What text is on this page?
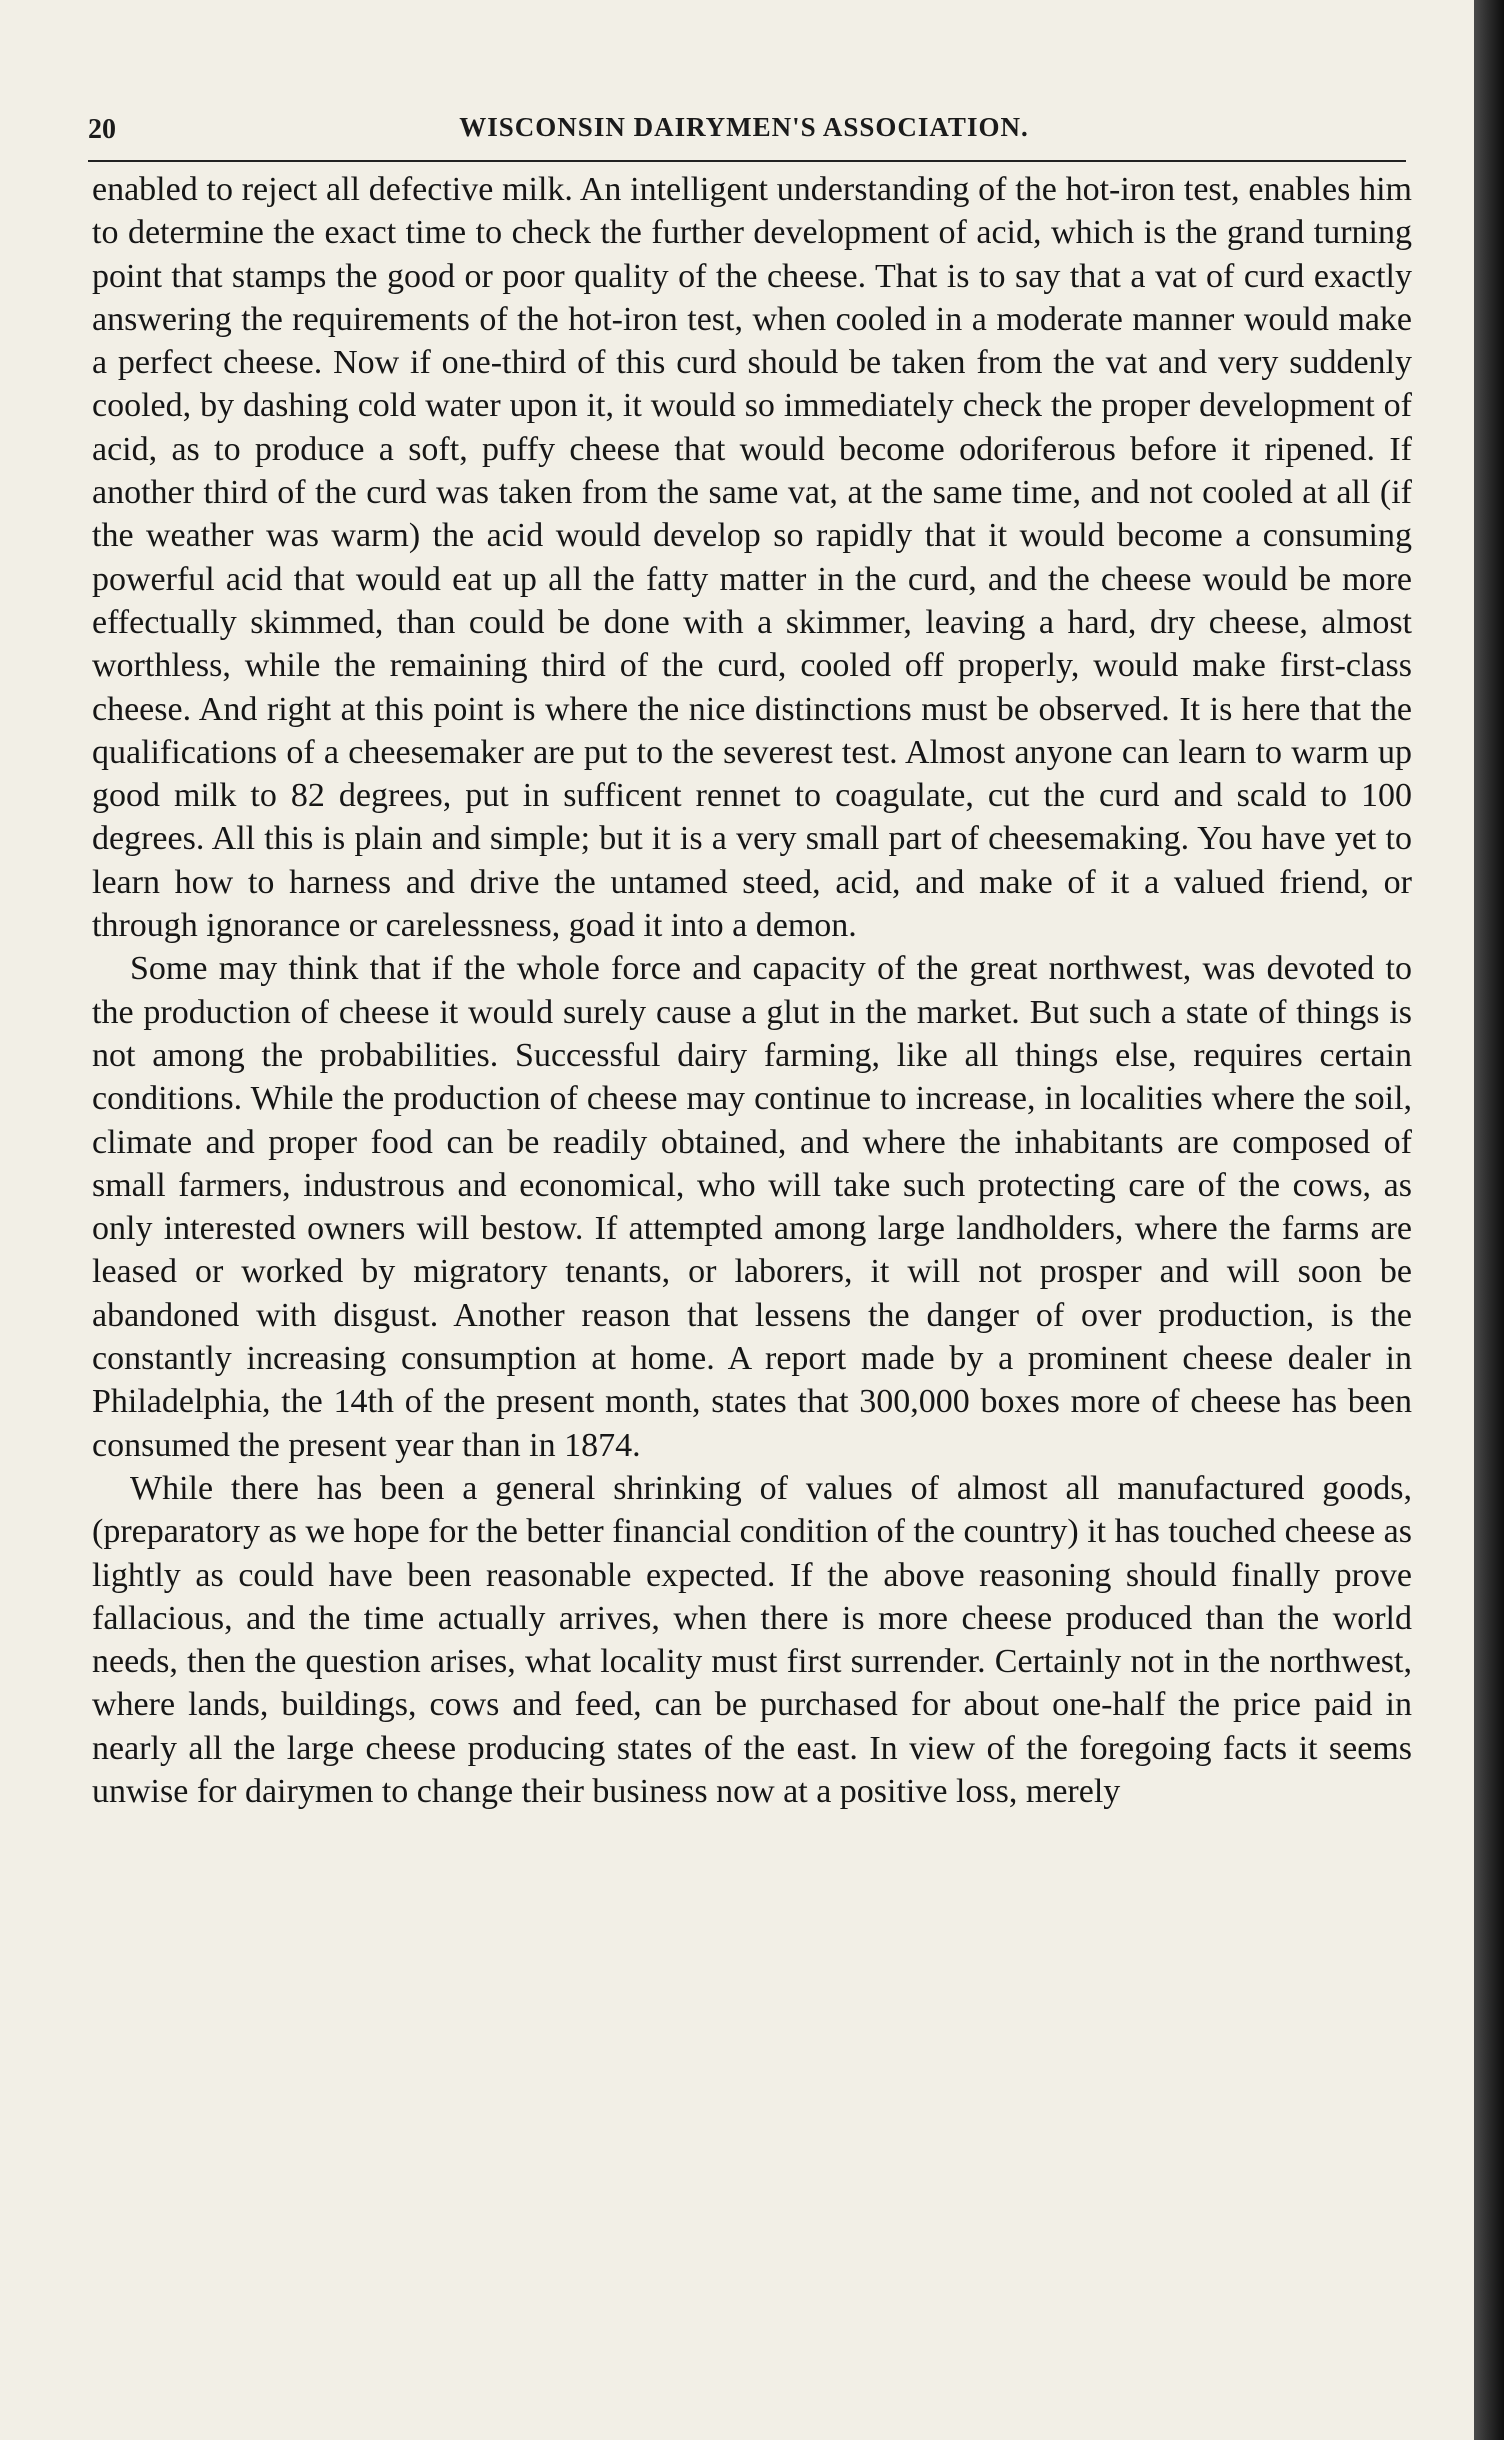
20	WISCONSIN DAIRYMEN'S ASSOCIATION.

enabled to reject all defective milk. An intelligent understanding of the hot-iron test, enables him to determine the exact time to check the further development of acid, which is the grand turning point that stamps the good or poor quality of the cheese. That is to say that a vat of curd exactly answering the requirements of the hot-iron test, when cooled in a moderate manner would make a perfect cheese. Now if one-third of this curd should be taken from the vat and very suddenly cooled, by dashing cold water upon it, it would so immediately check the proper development of acid, as to produce a soft, puffy cheese that would become odoriferous before it ripened. If another third of the curd was taken from the same vat, at the same time, and not cooled at all (if the weather was warm) the acid would develop so rapidly that it would become a consuming powerful acid that would eat up all the fatty matter in the curd, and the cheese would be more effectually skimmed, than could be done with a skimmer, leaving a hard, dry cheese, almost worthless, while the remaining third of the curd, cooled off properly, would make first-class cheese. And right at this point is where the nice distinctions must be observed. It is here that the qualifications of a cheesemaker are put to the severest test. Almost anyone can learn to warm up good milk to 82 degrees, put in sufficent rennet to coagulate, cut the curd and scald to 100 degrees. All this is plain and simple; but it is a very small part of cheesemaking. You have yet to learn how to harness and drive the untamed steed, acid, and make of it a valued friend, or through ignorance or carelessness, goad it into a demon.

Some may think that if the whole force and capacity of the great northwest, was devoted to the production of cheese it would surely cause a glut in the market. But such a state of things is not among the probabilities. Successful dairy farming, like all things else, requires certain conditions. While the production of cheese may continue to increase, in localities where the soil, climate and proper food can be readily obtained, and where the inhabitants are composed of small farmers, industrous and economical, who will take such protecting care of the cows, as only interested owners will bestow. If attempted among large landholders, where the farms are leased or worked by migratory tenants, or laborers, it will not prosper and will soon be abandoned with disgust. Another reason that lessens the danger of over production, is the constantly increasing consumption at home. A report made by a prominent cheese dealer in Philadelphia, the 14th of the present month, states that 300,000 boxes more of cheese has been consumed the present year than in 1874.

While there has been a general shrinking of values of almost all manufactured goods, (preparatory as we hope for the better financial condition of the country) it has touched cheese as lightly as could have been reasonable expected. If the above reasoning should finally prove fallacious, and the time actually arrives, when there is more cheese produced than the world needs, then the question arises, what locality must first surrender. Certainly not in the northwest, where lands, buildings, cows and feed, can be purchased for about one-half the price paid in nearly all the large cheese producing states of the east. In view of the foregoing facts it seems unwise for dairymen to change their business now at a positive loss, merely
